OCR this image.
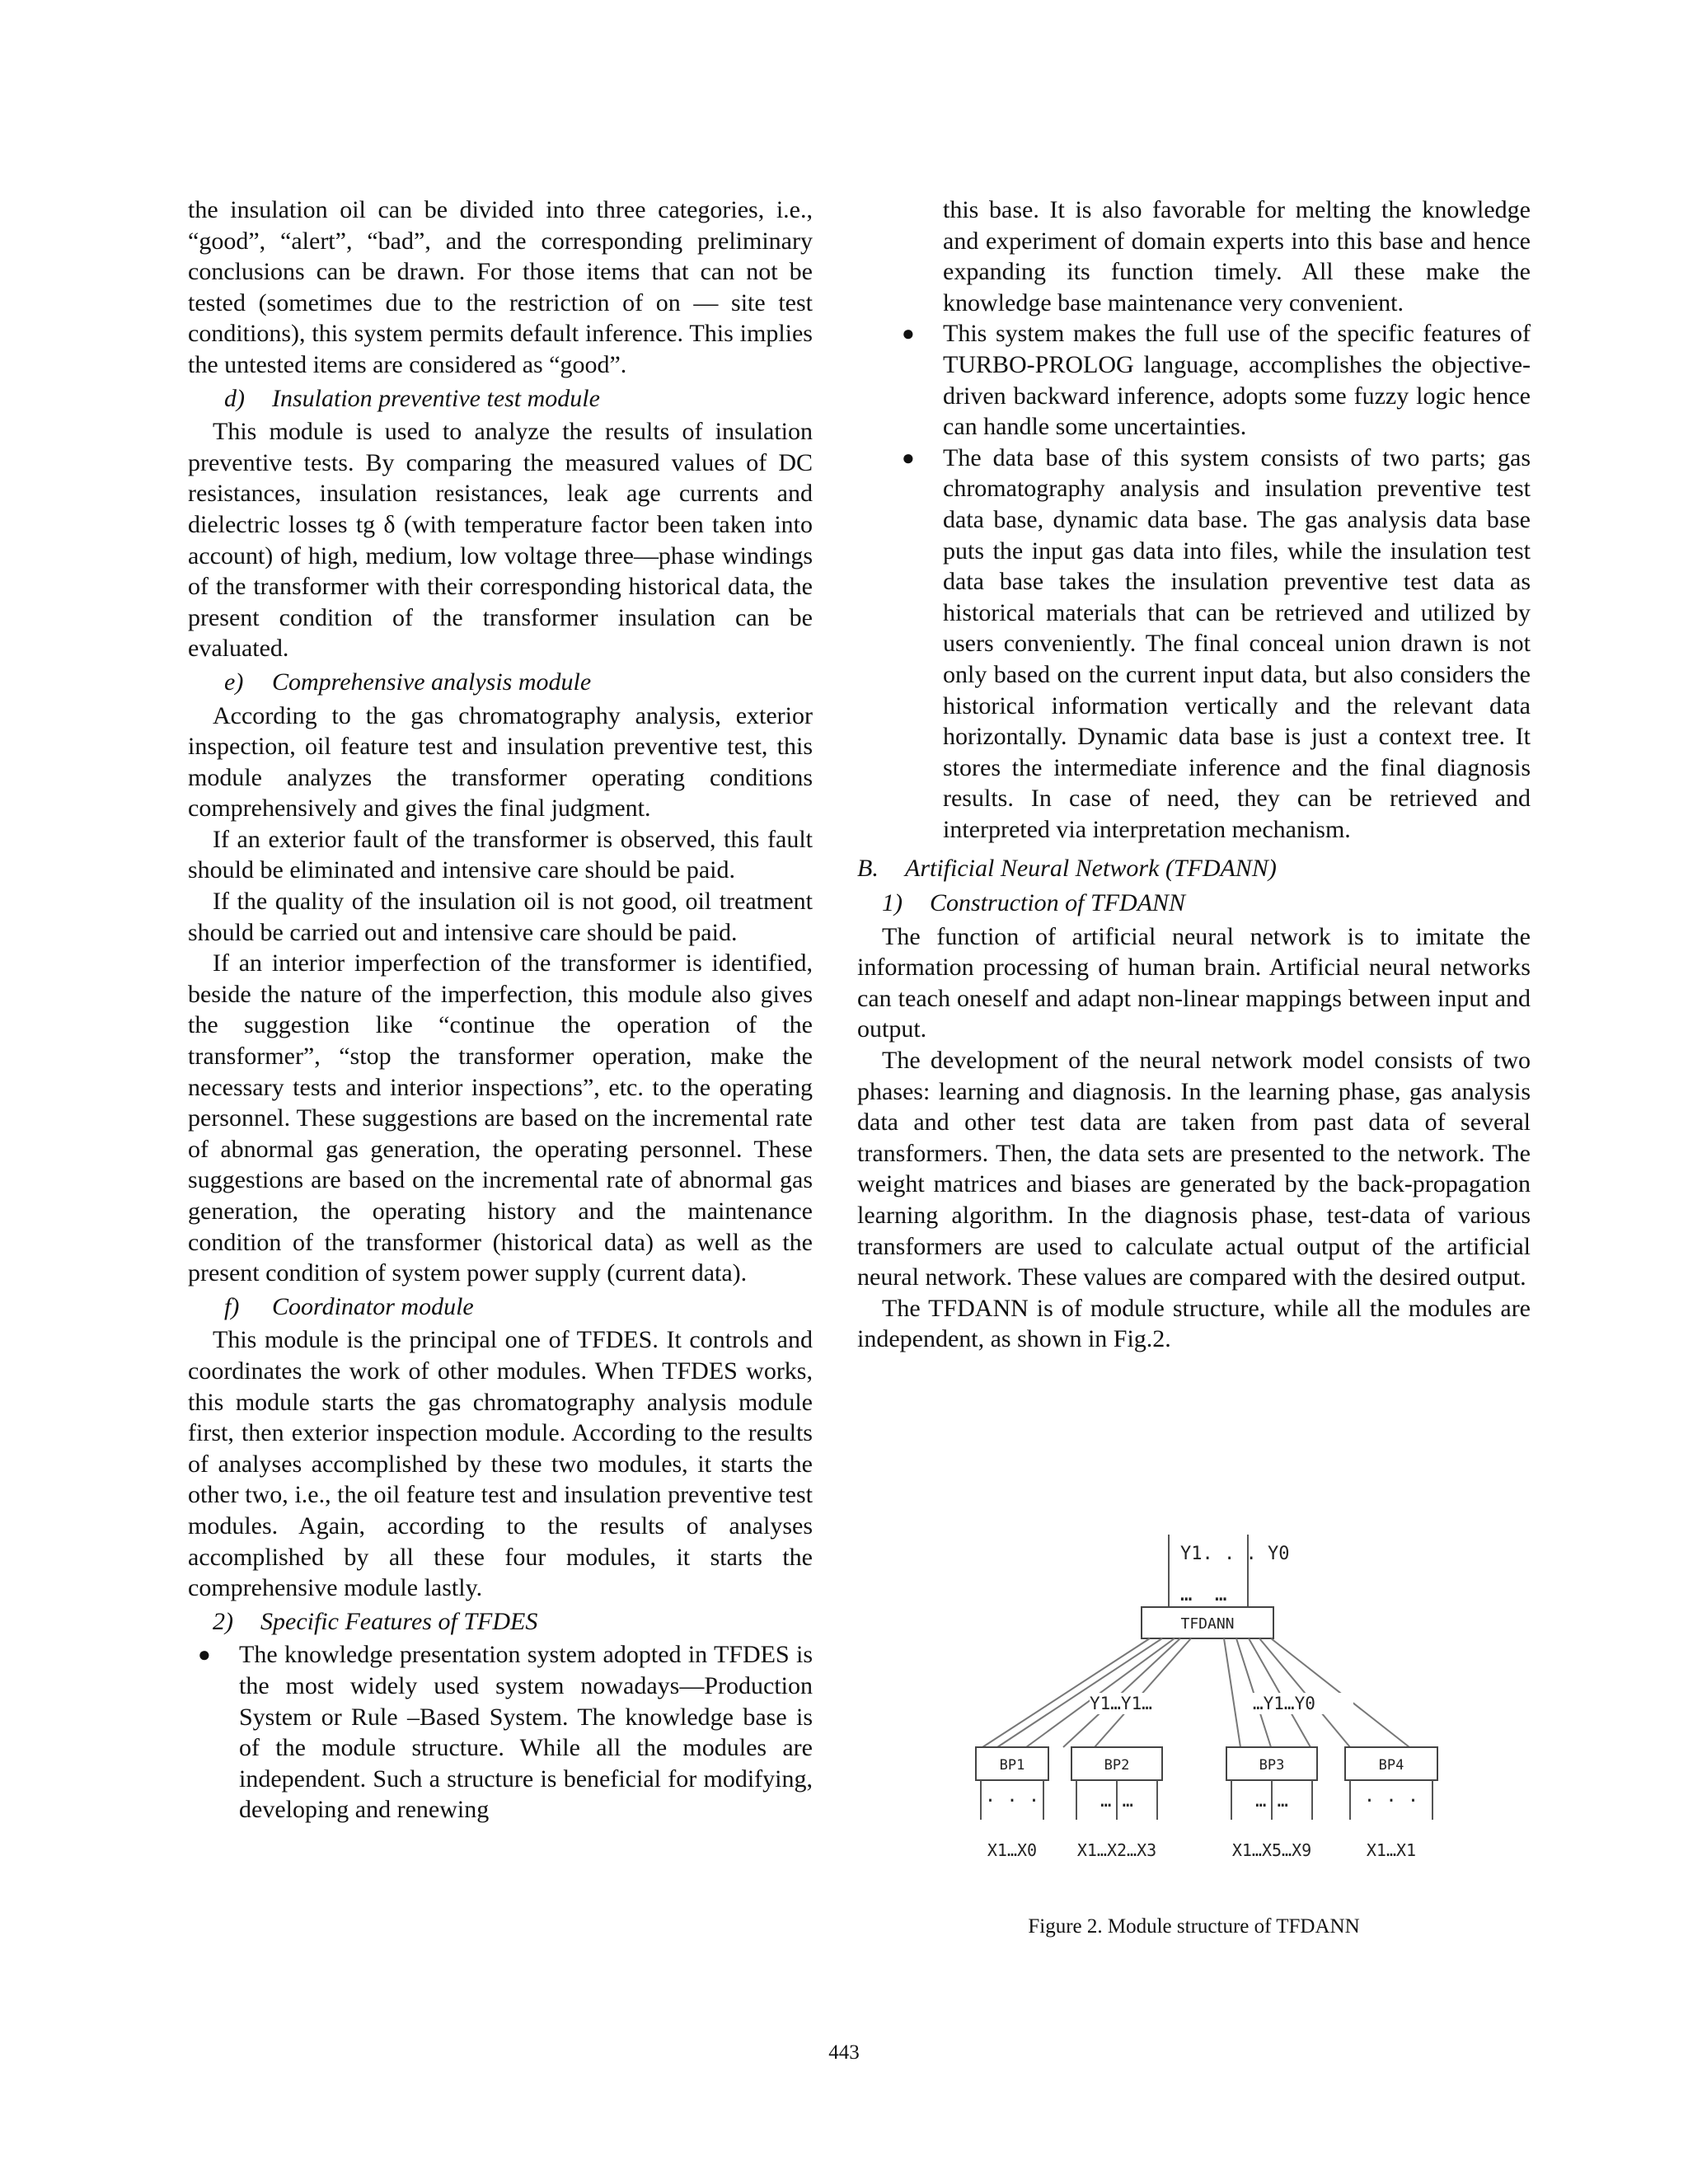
the insulation oil can be divided into three categories, i.e., “good”, “alert”, “bad”, and the corresponding preliminary conclusions can be drawn. For those items that can not be tested (sometimes due to the restriction of on — site test conditions), this system permits default inference. This implies the untested items are considered as “good”.

d) Insulation preventive test module

This module is used to analyze the results of insulation preventive tests. By comparing the measured values of DC resistances, insulation resistances, leak age currents and dielectric losses tg δ (with temperature factor been taken into account) of high, medium, low voltage three—phase windings of the transformer with their corresponding historical data, the present condition of the transformer insulation can be evaluated.

e) Comprehensive analysis module

According to the gas chromatography analysis, exterior inspection, oil feature test and insulation preventive test, this module analyzes the transformer operating conditions comprehensively and gives the final judgment.

If an exterior fault of the transformer is observed, this fault should be eliminated and intensive care should be paid.

If the quality of the insulation oil is not good, oil treatment should be carried out and intensive care should be paid.

If an interior imperfection of the transformer is identified, beside the nature of the imperfection, this module also gives the suggestion like “continue the operation of the transformer”, “stop the transformer operation, make the necessary tests and interior inspections”, etc. to the operating personnel. These suggestions are based on the incremental rate of abnormal gas generation, the operating personnel. These suggestions are based on the incremental rate of abnormal gas generation, the operating history and the maintenance condition of the transformer (historical data) as well as the present condition of system power supply (current data).

f) Coordinator module

This module is the principal one of TFDES. It controls and coordinates the work of other modules. When TFDES works, this module starts the gas chromatography analysis module first, then exterior inspection module. According to the results of analyses accomplished by these two modules, it starts the other two, i.e., the oil feature test and insulation preventive test modules. Again, according to the results of analyses accomplished by all these four modules, it starts the comprehensive module lastly.

2) Specific Features of TFDES
● The knowledge presentation system adopted in TFDES is the most widely used system nowadays—Production System or Rule –Based System. The knowledge base is of the module structure. While all the modules are independent. Such a structure is beneficial for modifying, developing and renewing
this base. It is also favorable for melting the knowledge and experiment of domain experts into this base and hence expanding its function timely. All these make the knowledge base maintenance very convenient.
● This system makes the full use of the specific features of TURBO-PROLOG language, accomplishes the objective-driven backward inference, adopts some fuzzy logic hence can handle some uncertainties.
● The data base of this system consists of two parts; gas chromatography analysis and insulation preventive test data base, dynamic data base. The gas analysis data base puts the input gas data into files, while the insulation test data base takes the insulation preventive test data as historical materials that can be retrieved and utilized by users conveniently. The final conceal union drawn is not only based on the current input data, but also considers the historical information vertically and the relevant data horizontally. Dynamic data base is just a context tree. It stores the intermediate inference and the final diagnosis results. In case of need, they can be retrieved and interpreted via interpretation mechanism.
B. Artificial Neural Network (TFDANN)
1) Construction of TFDANN

The function of artificial neural network is to imitate the information processing of human brain. Artificial neural networks can teach oneself and adapt non-linear mappings between input and output.

The development of the neural network model consists of two phases: learning and diagnosis. In the learning phase, gas analysis data and other test data are taken from past data of several transformers. Then, the data sets are presented to the network. The weight matrices and biases are generated by the back-propagation learning algorithm. In the diagnosis phase, test-data of various transformers are used to calculate actual output of the artificial neural network. These values are compared with the desired output.

The TFDANN is of module structure, while all the modules are independent, as shown in Fig.2.

Y1. . . Y0
… …
TFDANN
Y1…Y1…	…Y1…Y0
BP1	BP2	BP3	BP4
· · ·	… …	… …	· · ·
X1…X0 X1…X2…X3	X1…X5…X9	X1…X1
Figure 2. Module structure of TFDANN
443
